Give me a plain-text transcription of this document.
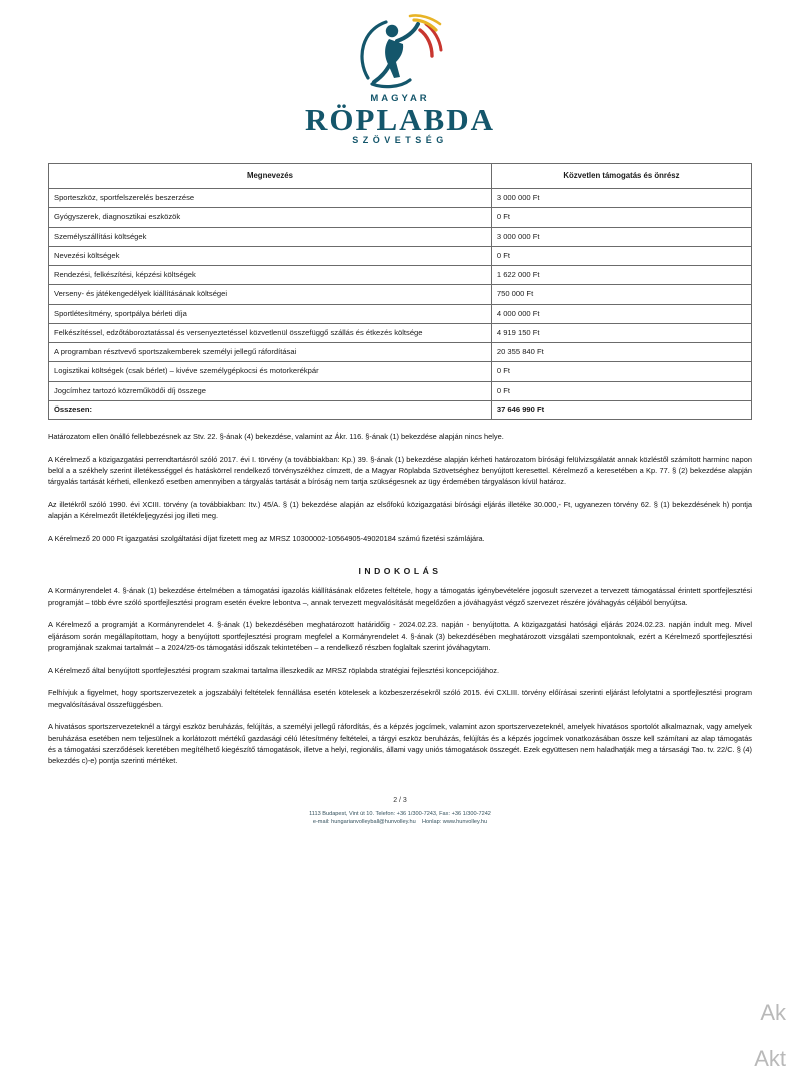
MAGYAR
RÖPLABDA
SZÖVETSÉG
Megnevezés	Közvetlen támogatás és önrész
Sporteszköz, sportfelszerelés beszerzése	3 000 000 Ft
Gyógyszerek, diagnosztikai eszközök	0 Ft
Személyszállítási költségek	3 000 000 Ft
Nevezési költségek	0 Ft
Rendezési, felkészítési, képzési költségek	1 622 000 Ft
Verseny- és játékengedélyek kiállításának költségei	750 000 Ft
Sportlétesítmény, sportpálya bérleti díja	4 000 000 Ft
Felkészítéssel, edzőtáboroztatással és versenyeztetéssel közvetlenül összefüggő szállás és étkezés költsége	4 919 150 Ft
A programban résztvevő sportszakemberek személyi jellegű ráfordításai	20 355 840 Ft
Logisztikai költségek (csak bérlet) – kivéve személygépkocsi és motorkerékpár	0 Ft
Jogcímhez tartozó közreműködői díj összege	0 Ft
Összesen:	37 646 990 Ft

Határozatom ellen önálló fellebbezésnek az Stv. 22. §-ának (4) bekezdése, valamint az Ákr. 116. §-ának (1) bekezdése alapján nincs helye.

A Kérelmező a közigazgatási perrendtartásról szóló 2017. évi I. törvény (a továbbiakban: Kp.) 39. §-ának (1) bekezdése alapján kérheti határozatom bírósági felülvizsgálatát annak közléstől számított harminc napon belül a a székhely szerint illetékességgel és hatáskörrel rendelkező törvényszékhez címzett, de a Magyar Röplabda Szövetséghez benyújtott keresettel. Kérelmező a keresetében a Kp. 77. § (2) bekezdése alapján tárgyalás tartását kérheti, ellenkező esetben amennyiben a tárgyalás tartását a bíróság nem tartja szükségesnek az ügy érdemében tárgyaláson kívül határoz.

Az illetékről szóló 1990. évi XCIII. törvény (a továbbiakban: Itv.) 45/A. § (1) bekezdése alapján az elsőfokú közigazgatási bírósági eljárás illetéke 30.000,- Ft, ugyanezen törvény 62. § (1) bekezdésének h) pontja alapján a Kérelmezőt illetékfeljegyzési jog illeti meg.

A Kérelmező 20 000 Ft igazgatási szolgáltatási díjat fizetett meg az MRSZ 10300002-10564905-49020184 számú fizetési számlájára.

INDOKOLÁS

A Kormányrendelet 4. §-ának (1) bekezdése értelmében a támogatási igazolás kiállításának előzetes feltétele, hogy a támogatás igénybevételére jogosult szervezet a tervezett támogatással érintett sportfejlesztési programját – több évre szóló sportfejlesztési program esetén évekre lebontva –, annak tervezett megvalósítását megelőzően a jóváhagyást végző szervezet részére jóváhagyás céljából benyújtsa.

A Kérelmező a programját a Kormányrendelet 4. §-ának (1) bekezdésében meghatározott határidőig - 2024.02.23. napján - benyújtotta. A közigazgatási hatósági eljárás 2024.02.23. napján indult meg. Mivel eljárásom során megállapítottam, hogy a benyújtott sportfejlesztési program megfelel a Kormányrendelet 4. §-ának (3) bekezdésében meghatározott vizsgálati szempontoknak, ezért a Kérelmező sportfejlesztési programjának szakmai tartalmát – a 2024/25-ös támogatási időszak tekintetében – a rendelkező részben foglaltak szerint jóváhagytam.

A Kérelmező által benyújtott sportfejlesztési program szakmai tartalma illeszkedik az MRSZ röplabda stratégiai fejlesztési koncepciójához.

Felhívjuk a figyelmet, hogy sportszervezetek a jogszabályi feltételek fennállása esetén kötelesek a közbeszerzésekről szóló 2015. évi CXLIII. törvény előírásai szerinti eljárást lefolytatni a sportfejlesztési program megvalósításával összefüggésben.

A hivatásos sportszervezeteknél a tárgyi eszköz beruházás, felújítás, a személyi jellegű ráfordítás, és a képzés jogcímek, valamint azon sportszervezeteknél, amelyek hivatásos sportolót alkalmaznak, vagy amelyek beruházása esetében nem teljesülnek a korlátozott mértékű gazdasági célú létesítmény feltételei, a tárgyi eszköz beruházás, felújítás és a képzés jogcímek vonatkozásában össze kell számítani az alap támogatás és a támogatási szerződések keretében megítélhető kiegészítő támogatások, illetve a helyi, regionális, állami vagy uniós támogatások összegét. Ezek együttesen nem haladhatják meg a társasági Tao. tv. 22/C. § (4) bekezdés c)-e) pontja szerinti mértéket.

2 / 3
1113 Budapest, Vint út 10. Telefon: +36 1/300-7243, Fax: +36 1/300-7242
e-mail: hungarianvolleyball@hunvolley.hu Honlap: www.hunvolley.hu
Ak
Akt
